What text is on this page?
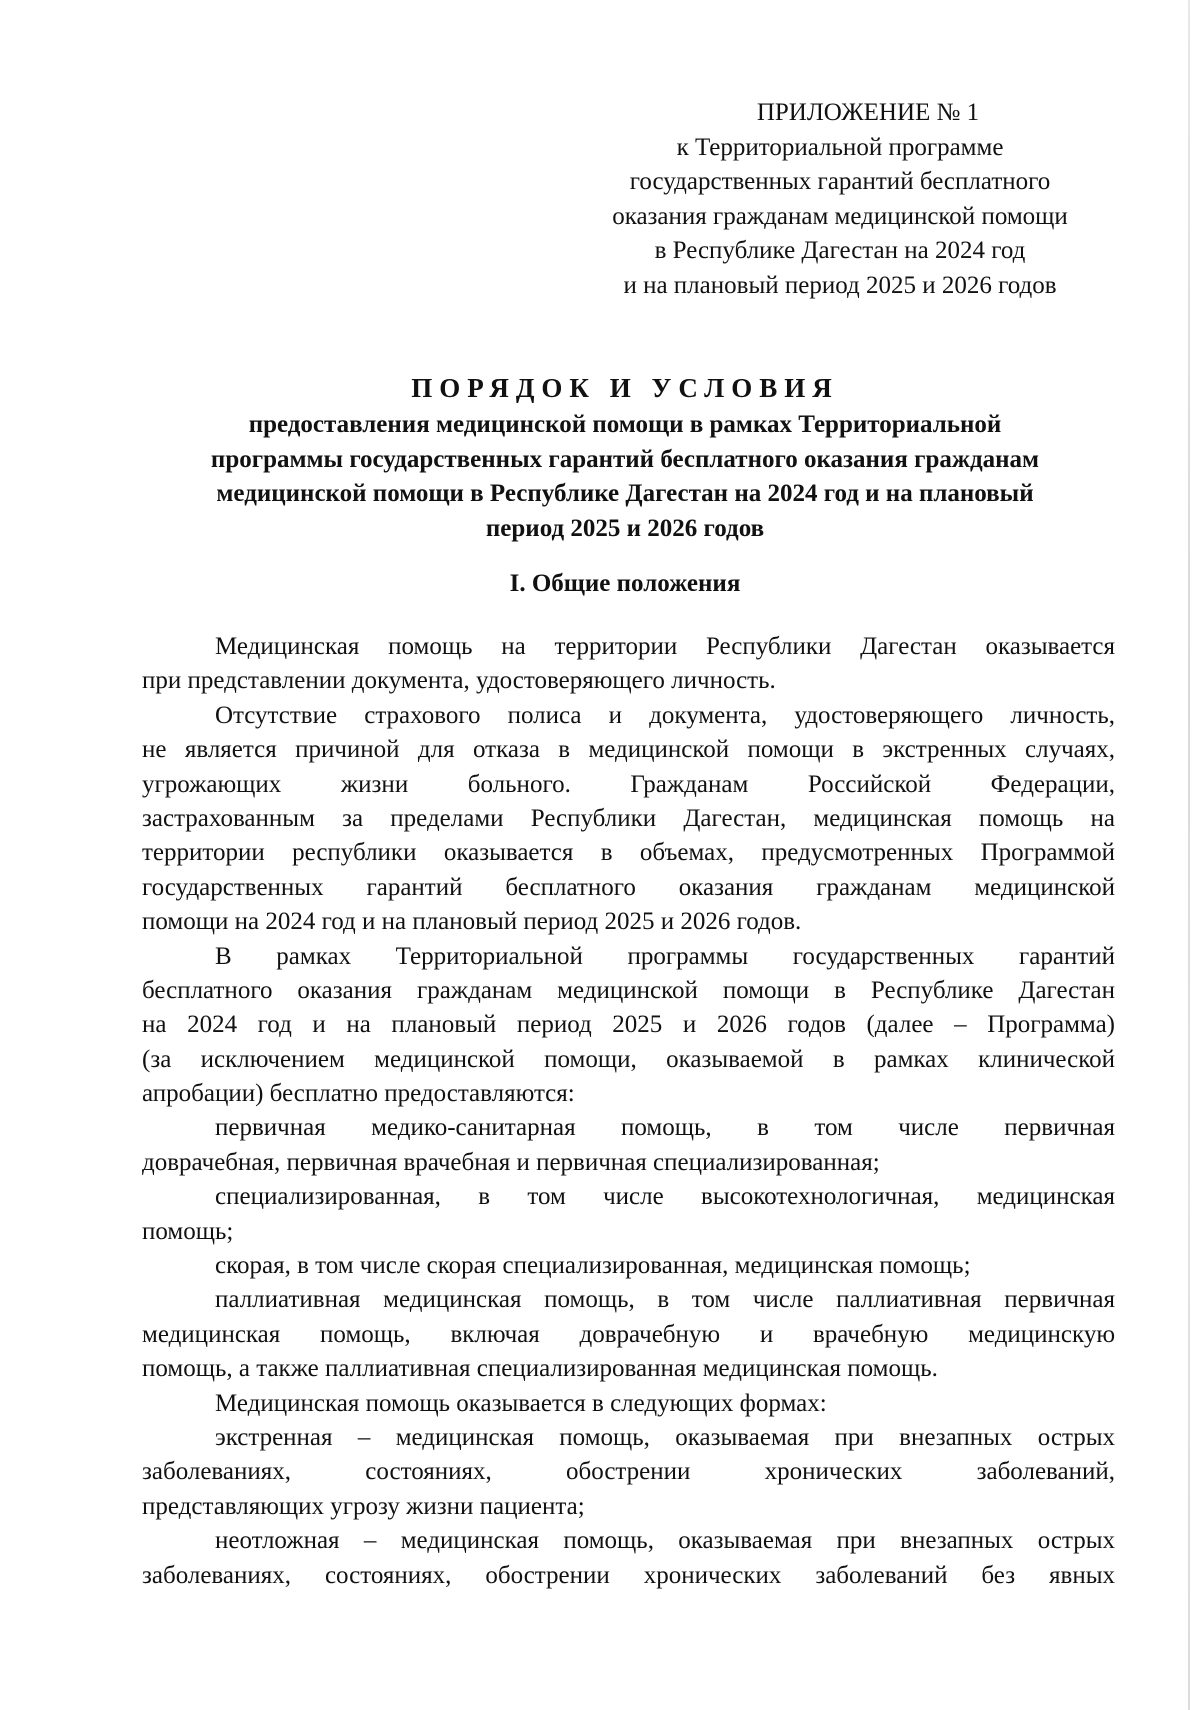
ПРИЛОЖЕНИЕ № 1
к Территориальной программе
государственных гарантий бесплатного
оказания гражданам медицинской помощи
в Республике Дагестан на 2024 год
и на плановый период 2025 и 2026 годов
ПОРЯДОК И УСЛОВИЯ
предоставления медицинской помощи в рамках Территориальной
программы государственных гарантий бесплатного оказания гражданам
медицинской помощи в Республике Дагестан на 2024 год и на плановый
период 2025 и 2026 годов
I. Общие положения
Медицинская помощь на территории Республики Дагестан оказывается
при представлении документа, удостоверяющего личность.
Отсутствие страхового полиса и документа, удостоверяющего личность,
не является причиной для отказа в медицинской помощи в экстренных случаях,
угрожающих жизни больного. Гражданам Российской Федерации,
застрахованным за пределами Республики Дагестан, медицинская помощь на
территории республики оказывается в объемах, предусмотренных Программой
государственных гарантий бесплатного оказания гражданам медицинской
помощи на 2024 год и на плановый период 2025 и 2026 годов.
В рамках Территориальной программы государственных гарантий
бесплатного оказания гражданам медицинской помощи в Республике Дагестан
на 2024 год и на плановый период 2025 и 2026 годов (далее – Программа)
(за исключением медицинской помощи, оказываемой в рамках клинической
апробации) бесплатно предоставляются:
первичная медико-санитарная помощь, в том числе первичная
доврачебная, первичная врачебная и первичная специализированная;
специализированная, в том числе высокотехнологичная, медицинская
помощь;
скорая, в том числе скорая специализированная, медицинская помощь;
паллиативная медицинская помощь, в том числе паллиативная первичная
медицинская помощь, включая доврачебную и врачебную медицинскую
помощь, а также паллиативная специализированная медицинская помощь.
Медицинская помощь оказывается в следующих формах:
экстренная – медицинская помощь, оказываемая при внезапных острых
заболеваниях, состояниях, обострении хронических заболеваний,
представляющих угрозу жизни пациента;
неотложная – медицинская помощь, оказываемая при внезапных острых
заболеваниях, состояниях, обострении хронических заболеваний без явных
